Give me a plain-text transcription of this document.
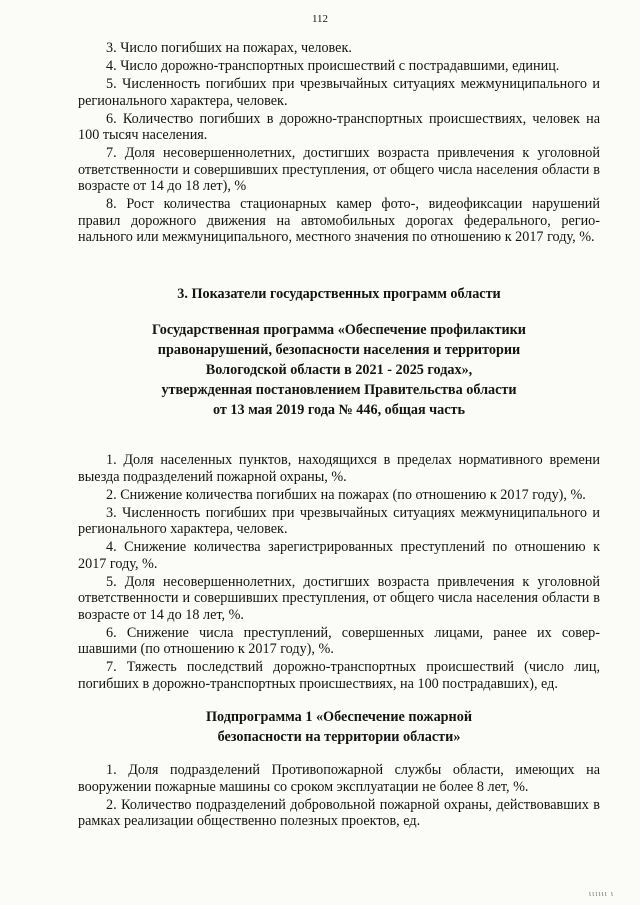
112

3. Число погибших на пожарах, человек.

4. Число дорожно-транспортных происшествий с пострадавшими, единиц.

5. Численность погибших при чрезвычайных ситуациях межмуниципального и регионального характера, человек.

6. Количество погибших в дорожно-транспортных происшествиях, человек на 100 тысяч населения.

7. Доля несовершеннолетних, достигших возраста привлечения к уголовной ответственности и совершивших преступления, от общего числа населения области в возрасте от 14 до 18 лет), %

8. Рост количества стационарных камер фото-, видеофиксации нарушений правил дорожного движения на автомобильных дорогах федерального, регионального или межмуниципального, местного значения по отношению к 2017 году, %.

3. Показатели государственных программ области
Государственная программа «Обеспечение профилактики
правонарушений, безопасности населения и территории
Вологодской области в 2021 - 2025 годах»,
утвержденная постановлением Правительства области
от 13 мая 2019 года № 446, общая часть

1. Доля населенных пунктов, находящихся в пределах нормативного времени выезда подразделений пожарной охраны, %.

2. Снижение количества погибших на пожарах (по отношению к 2017 году), %.

3. Численность погибших при чрезвычайных ситуациях межмуниципального и регионального характера, человек.

4. Снижение количества зарегистрированных преступлений по отношению к 2017 году, %.

5. Доля несовершеннолетних, достигших возраста привлечения к уголовной ответственности и совершивших преступления, от общего числа населения области в возрасте от 14 до 18 лет, %.

6. Снижение числа преступлений, совершенных лицами, ранее их совершавшими (по отношению к 2017 году), %.

7. Тяжесть последствий дорожно-транспортных происшествий (число лиц, погибших в дорожно-транспортных происшествиях, на 100 пострадавших), ед.

Подпрограмма 1 «Обеспечение пожарной
безопасности на территории области»

1. Доля подразделений Противопожарной службы области, имеющих на вооружении пожарные машины со сроком эксплуатации не более 8 лет, %.

2. Количество подразделений добровольной пожарной охраны, действовавших в рамках реализации общественно полезных проектов, ед.

ιιιιιι ι
